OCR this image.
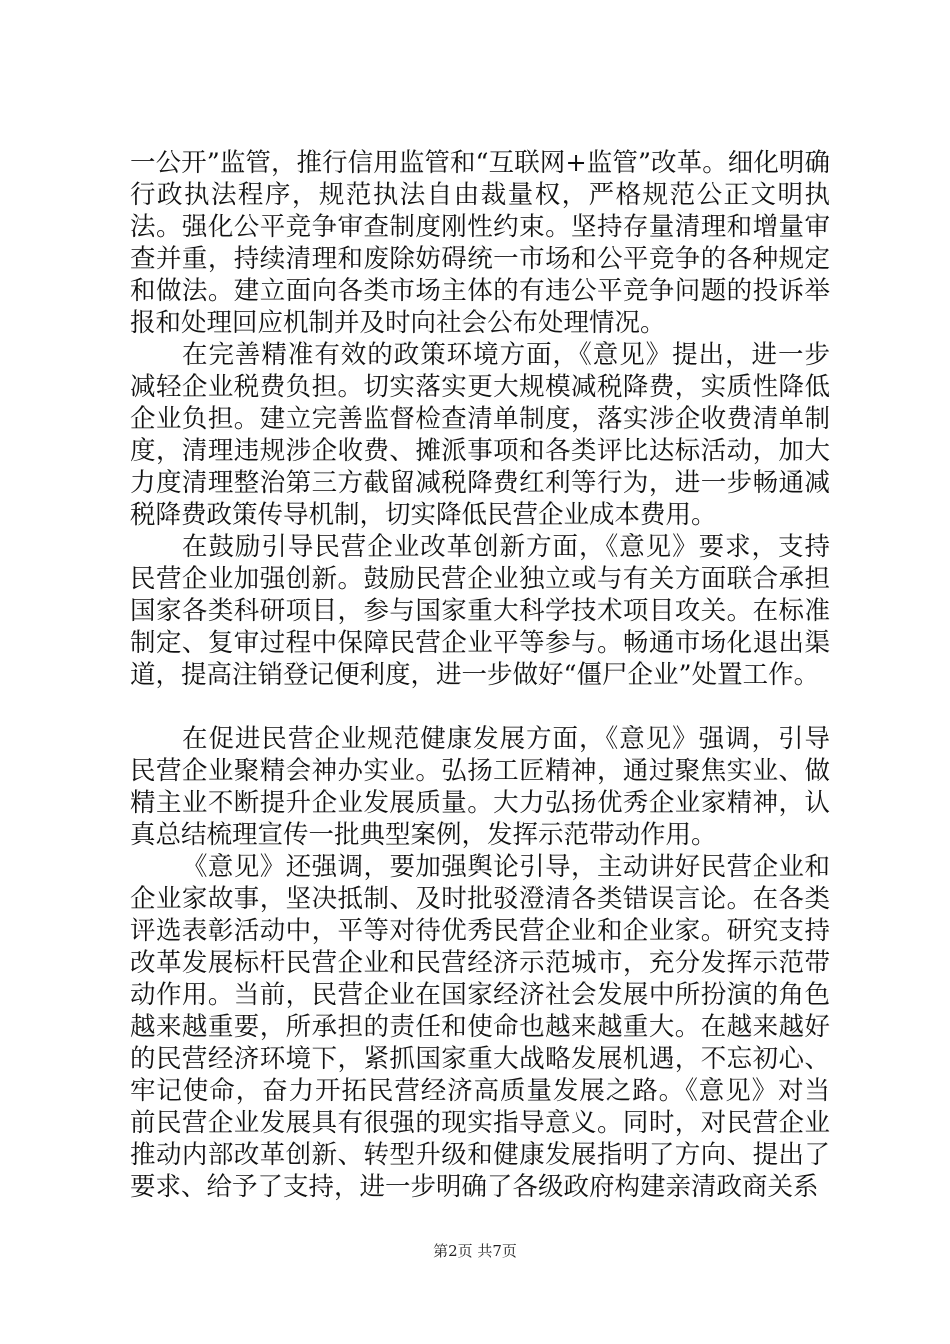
一公开”监管，推行信用监管和“互联网+监管”改革。细化明确行政执法程序，规范执法自由裁量权，严格规范公正文明执法。强化公平竞争审查制度刚性约束。坚持存量清理和增量审查并重，持续清理和废除妨碍统一市场和公平竞争的各种规定和做法。建立面向各类市场主体的有违公平竞争问题的投诉举报和处理回应机制并及时向社会公布处理情况。

在完善精准有效的政策环境方面，《意见》提出，进一步减轻企业税费负担。切实落实更大规模减税降费，实质性降低企业负担。建立完善监督检查清单制度，落实涉企收费清单制度，清理违规涉企收费、摊派事项和各类评比达标活动，加大力度清理整治第三方截留减税降费红利等行为，进一步畅通减税降费政策传导机制，切实降低民营企业成本费用。

在鼓励引导民营企业改革创新方面，《意见》要求，支持民营企业加强创新。鼓励民营企业独立或与有关方面联合承担国家各类科研项目，参与国家重大科学技术项目攻关。在标准制定、复审过程中保障民营企业平等参与。畅通市场化退出渠道，提高注销登记便利度，进一步做好“僵尸企业”处置工作。

在促进民营企业规范健康发展方面，《意见》强调，引导民营企业聚精会神办实业。弘扬工匠精神，通过聚焦实业、做精主业不断提升企业发展质量。大力弘扬优秀企业家精神，认真总结梳理宣传一批典型案例，发挥示范带动作用。

《意见》还强调，要加强舆论引导，主动讲好民营企业和企业家故事，坚决抵制、及时批驳澄清各类错误言论。在各类评选表彰活动中，平等对待优秀民营企业和企业家。研究支持改革发展标杆民营企业和民营经济示范城市，充分发挥示范带动作用。当前，民营企业在国家经济社会发展中所扮演的角色越来越重要，所承担的责任和使命也越来越重大。在越来越好的民营经济环境下，紧抓国家重大战略发展机遇，不忘初心、牢记使命，奋力开拓民营经济高质量发展之路。《意见》对当前民营企业发展具有很强的现实指导意义。同时，对民营企业推动内部改革创新、转型升级和健康发展指明了方向、提出了要求、给予了支持，进一步明确了各级政府构建亲清政商关系

第2页 共7页
